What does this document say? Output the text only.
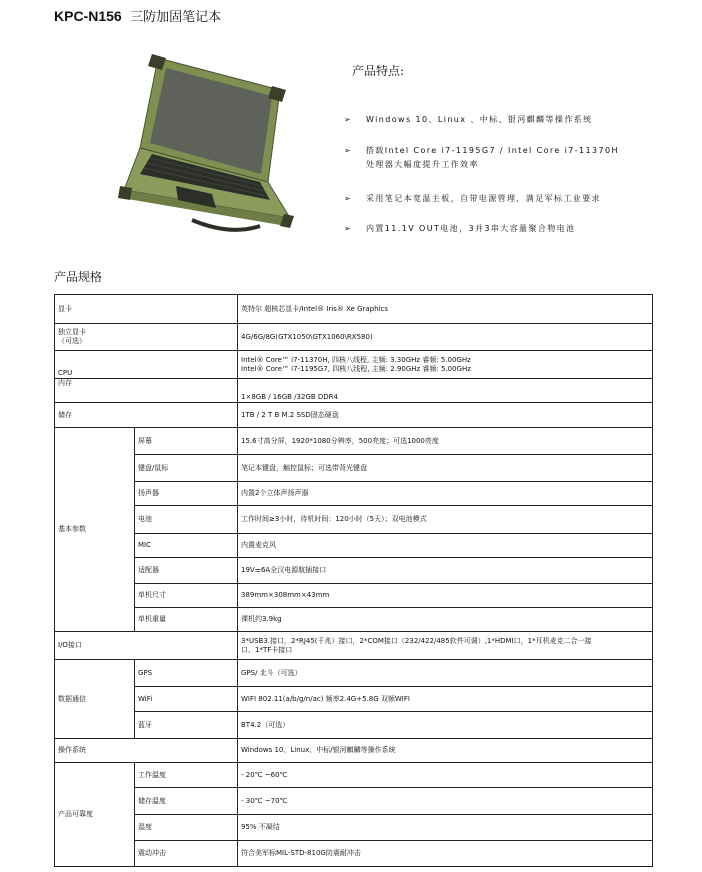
KPC-N156 三防加固笔记本
产品特点:
➢ Windows 10、Linux 、中标、银河麒麟等操作系统
➢ 搭载Intel Core i7-1195G7 / Intel Core i7-11370H
处理器大幅度提升工作效率
➢ 采用笔记本宽温主板，自带电源管理，满足军标工业要求
➢ 内置11.1V OUT电池，3并3串大容量聚合物电池
产品规格
显卡		英特尔 超核芯显卡/Intel® Iris® Xe Graphics
独立显卡
（可选）		4G/6G/8G(GTX1050\GTX1060\RX580)
CPU		Intel® Core™ i7-11370H, 四核八线程, 主频: 3.30GHz 睿频: 5.00GHz
Intel® Core™ i7-1195G7, 四核八线程, 主频: 2.90GHz 睿频: 5.00GHz
内存		1×8GB / 16GB /32GB DDR4
储存		1TB / 2 T B M.2 SSD固态硬盘
基本参数	屏幕	15.6寸高分屏，1920*1080分辨率，500亮度；可选1000亮度
	键盘/鼠标	笔记本键盘，触控鼠标；可选带背光键盘
	扬声器	内置2个立体声扬声器
	电池	工作时间≥3小时，待机时间：120小时（5天）；双电池模式
	MIC	内置麦克风
	适配器	19V⚌6A全汉电源航插接口
	单机尺寸	389mm×308mm×43mm
	单机重量	裸机约3.9kg
I/O接口		3*USB3.接口，2*RJ45(千兆）接口，2*COM接口（232/422/485软件可调）,1*HDMI口，1*耳机麦克二合一接
口、1*TF卡接口
数据通信	GPS	GPS/ 北斗（可选）
	WiFi	WIFI 802.11(a/b/g/n/ac) 频率2.4G+5.8G 双频WIFI
	蓝牙	BT4.2（可选）
操作系统		Windows 10、Linux、中标/银河麒麟等操作系统
产品可靠度	工作温度	- 20℃ ~60℃
	储存温度	- 30℃ ~70℃
	湿度	95% 不凝结
	震动冲击	符合美军标MIL-STD-810G防震耐冲击
